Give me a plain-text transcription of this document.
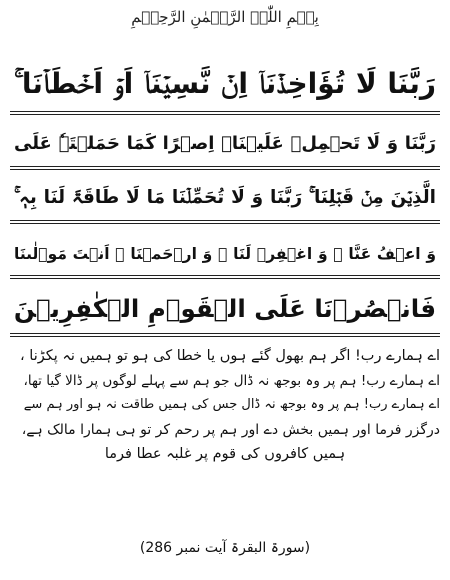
بِسۡمِ اللّٰہِ الرَّحۡمٰنِ الرَّحِیۡمِ
رَبَّنَا لَا تُؤَاخِذۡنَاۤ اِنۡ نَّسِیۡنَاۤ اَوۡ اَخۡطَاۡنَا ۚ
رَبَّنَا وَ لَا تَحۡمِلۡ عَلَیۡنَاۤ اِصۡرًا کَمَا حَمَلۡتَہٗ عَلَی
الَّذِیۡنَ مِنۡ قَبۡلِنَا ۚ رَبَّنَا وَ لَا تُحَمِّلۡنَا مَا لَا طَاقَۃَ لَنَا بِہٖ ۚ
وَ اعۡفُ عَنَّا ٝ وَ اغۡفِرۡ لَنَا ٝ وَ ارۡحَمۡنَا ٝ اَنۡتَ مَوۡلٰٮنَا
فَانۡصُرۡنَا عَلَی الۡقَوۡمِ الۡکٰفِرِیۡنَ
اے ہمارے رب! اگر ہم بھول گئے ہوں یا خطا کی ہو تو ہمیں نہ پکڑنا ،
اے ہمارے رب! ہم پر وہ بوجھ نہ ڈال جو ہم سے پہلے لوگوں پر ڈالا گیا تھا،
اے ہمارے رب! ہم پر وہ بوجھ نہ ڈال جس کی ہمیں طاقت نہ ہو اور ہم سے
درگزر فرما اور ہمیں بخش دے اور ہم پر رحم کر تو ہی ہمارا مالک ہے،
ہمیں کافروں کی قوم پر غلبہ عطا فرما
(سورۃ البقرۃ آیت نمبر 286)
